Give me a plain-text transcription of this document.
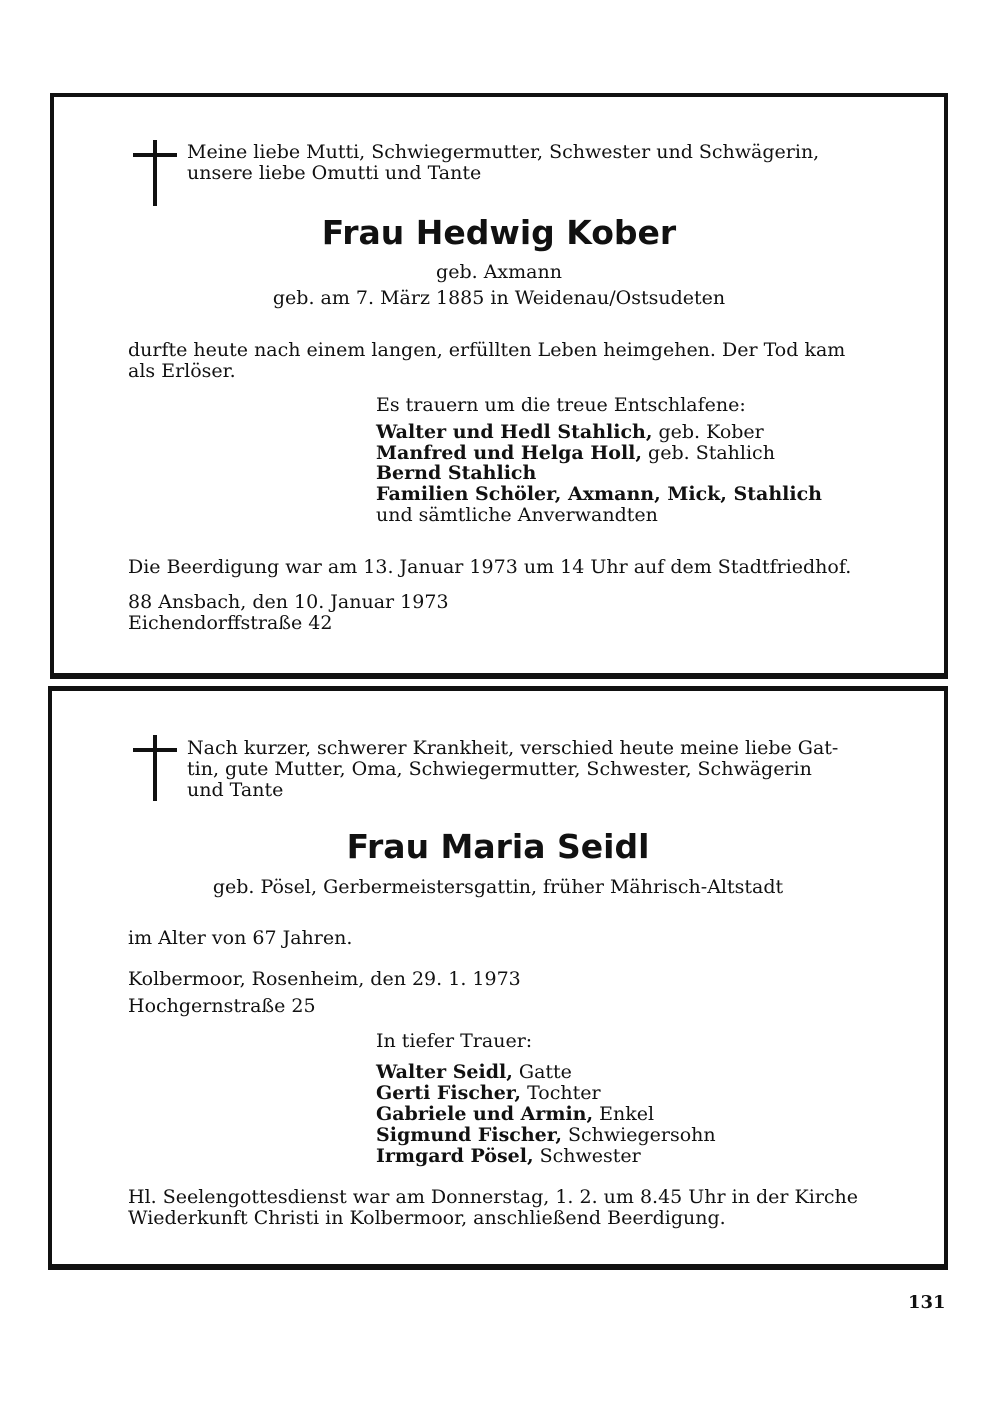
Meine liebe Mutti, Schwiegermutter, Schwester und Schwägerin,
unsere liebe Omutti und Tante
Frau Hedwig Kober
geb. Axmann
geb. am 7. März 1885 in Weidenau/Ostsudeten
durfte heute nach einem langen, erfüllten Leben heimgehen. Der Tod kam
als Erlöser.
Es trauern um die treue Entschlafene:
Walter und Hedl Stahlich, geb. Kober
Manfred und Helga Holl, geb. Stahlich
Bernd Stahlich
Familien Schöler, Axmann, Mick, Stahlich
und sämtliche Anverwandten
Die Beerdigung war am 13. Januar 1973 um 14 Uhr auf dem Stadtfriedhof.
88 Ansbach, den 10. Januar 1973
Eichendorffstraße 42
Nach kurzer, schwerer Krankheit, verschied heute meine liebe Gat-
tin, gute Mutter, Oma, Schwiegermutter, Schwester, Schwägerin
und Tante
Frau Maria Seidl
geb. Pösel, Gerbermeistersgattin, früher Mährisch-Altstadt
im Alter von 67 Jahren.
Kolbermoor, Rosenheim, den 29. 1. 1973
Hochgernstraße 25
In tiefer Trauer:
Walter Seidl, Gatte
Gerti Fischer, Tochter
Gabriele und Armin, Enkel
Sigmund Fischer, Schwiegersohn
Irmgard Pösel, Schwester
Hl. Seelengottesdienst war am Donnerstag, 1. 2. um 8.45 Uhr in der Kirche
Wiederkunft Christi in Kolbermoor, anschließend Beerdigung.
131
